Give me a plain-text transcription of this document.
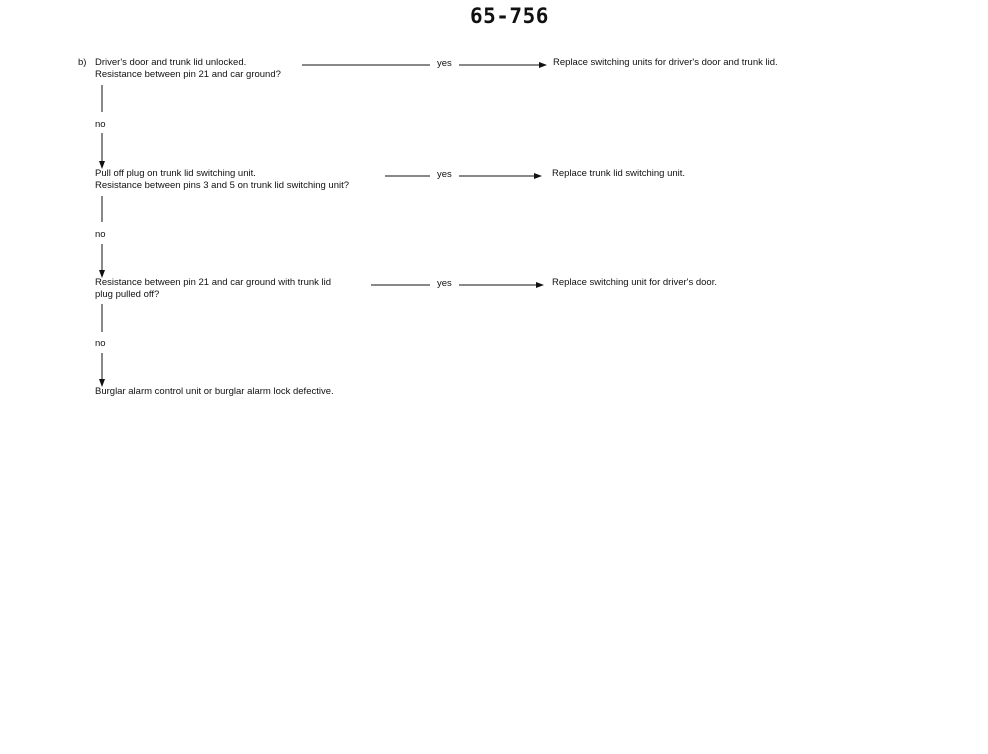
65-756
b) Driver's door and trunk lid unlocked.
Resistance between pin 21 and car ground?
yes	Replace switching units for driver's door and trunk lid.
no
Pull off plug on trunk lid switching unit.
Resistance between pins 3 and 5 on trunk lid switching unit?
yes	Replace trunk lid switching unit.
no
Resistance between pin 21 and car ground with trunk lid
plug pulled off?
yes	Replace switching unit for driver's door.
no
Burglar alarm control unit or burglar alarm lock defective.
